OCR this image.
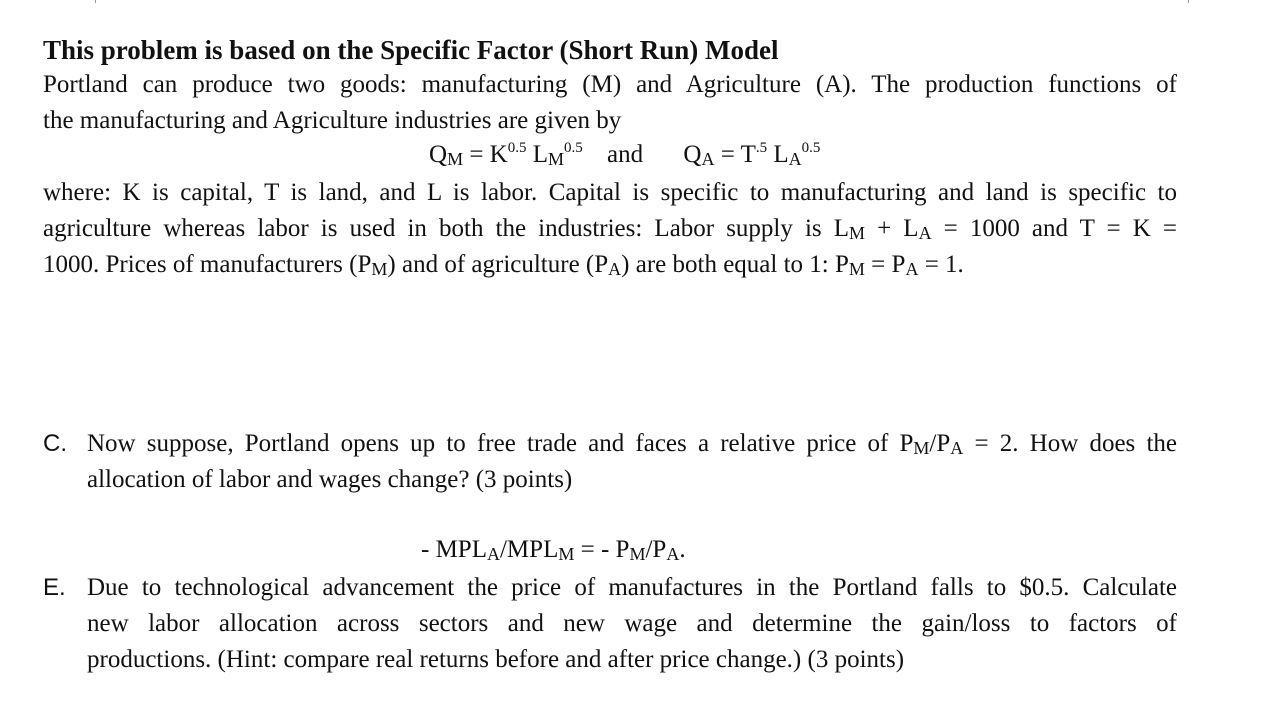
This problem is based on the Specific Factor (Short Run) Model
Portland can produce two goods: manufacturing (M) and Agriculture (A). The production functions of
the manufacturing and Agriculture industries are given by
$Q_M = K^{0.5}$ $L_M^{0.5}$ and $Q_A = T^{.5}$ $L_A^{0.5}$
where: K is capital, T is land, and L is labor. Capital is specific to manufacturing and land is specific to
agriculture whereas labor is used in both the industries: Labor supply is $L_M + L_A = 1000$ and T = K =
1000. Prices of manufacturers $(P_M)$ and of agriculture $(P_A)$ are both equal to 1: $P_M = P_A = 1$.
C. Now suppose, Portland opens up to free trade and faces a relative price of $P_M/P_A = 2$. How does the
allocation of labor and wages change? (3 points)
- $MPL_A/MPL_M$ = - $P_M/P_A$.
E. Due to technological advancement the price of manufactures in the Portland falls to $0.5. Calculate
new labor allocation across sectors and new wage and determine the gain/loss to factors of
productions. (Hint: compare real returns before and after price change.) (3 points)
